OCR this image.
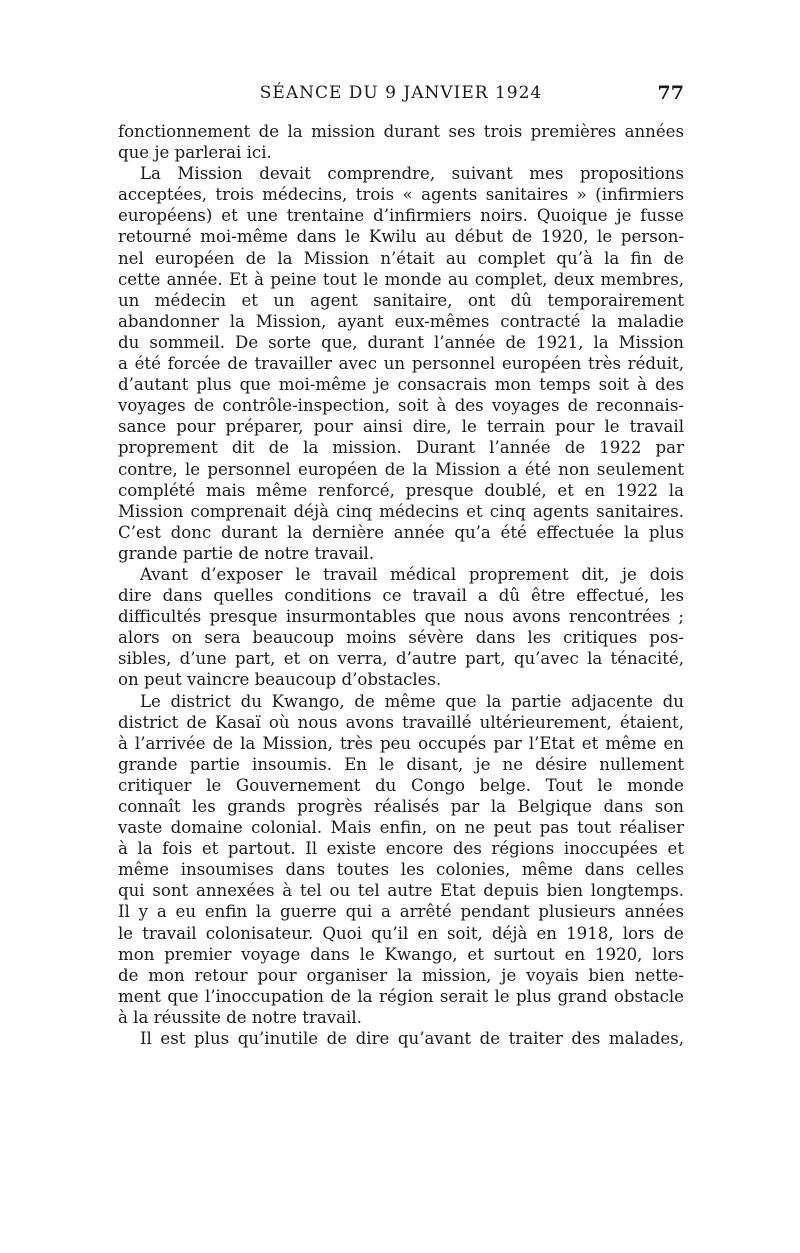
SÉANCE DU 9 JANVIER 1924	77
fonctionnement de la mission durant ses trois premières années
que je parlerai ici.
La Mission devait comprendre, suivant mes propositions
acceptées, trois médecins, trois « agents sanitaires » (infirmiers
européens) et une trentaine d’infirmiers noirs. Quoique je fusse
retourné moi-même dans le Kwilu au début de 1920, le person-
nel européen de la Mission n’était au complet qu’à la fin de
cette année. Et à peine tout le monde au complet, deux membres,
un médecin et un agent sanitaire, ont dû temporairement
abandonner la Mission, ayant eux-mêmes contracté la maladie
du sommeil. De sorte que, durant l’année de 1921, la Mission
a été forcée de travailler avec un personnel européen très réduit,
d’autant plus que moi-même je consacrais mon temps soit à des
voyages de contrôle-inspection, soit à des voyages de reconnais-
sance pour préparer, pour ainsi dire, le terrain pour le travail
proprement dit de la mission. Durant l’année de 1922 par
contre, le personnel européen de la Mission a été non seulement
complété mais même renforcé, presque doublé, et en 1922 la
Mission comprenait déjà cinq médecins et cinq agents sanitaires.
C’est donc durant la dernière année qu’a été effectuée la plus
grande partie de notre travail.
Avant d’exposer le travail médical proprement dit, je dois
dire dans quelles conditions ce travail a dû être effectué, les
difficultés presque insurmontables que nous avons rencontrées ;
alors on sera beaucoup moins sévère dans les critiques pos-
sibles, d’une part, et on verra, d’autre part, qu’avec la ténacité,
on peut vaincre beaucoup d’obstacles.
Le district du Kwango, de même que la partie adjacente du
district de Kasaï où nous avons travaillé ultérieurement, étaient,
à l’arrivée de la Mission, très peu occupés par l’Etat et même en
grande partie insoumis. En le disant, je ne désire nullement
critiquer le Gouvernement du Congo belge. Tout le monde
connaît les grands progrès réalisés par la Belgique dans son
vaste domaine colonial. Mais enfin, on ne peut pas tout réaliser
à la fois et partout. Il existe encore des régions inoccupées et
même insoumises dans toutes les colonies, même dans celles
qui sont annexées à tel ou tel autre Etat depuis bien longtemps.
Il y a eu enfin la guerre qui a arrêté pendant plusieurs années
le travail colonisateur. Quoi qu’il en soit, déjà en 1918, lors de
mon premier voyage dans le Kwango, et surtout en 1920, lors
de mon retour pour organiser la mission, je voyais bien nette-
ment que l’inoccupation de la région serait le plus grand obstacle
à la réussite de notre travail.
Il est plus qu’inutile de dire qu’avant de traiter des malades,
